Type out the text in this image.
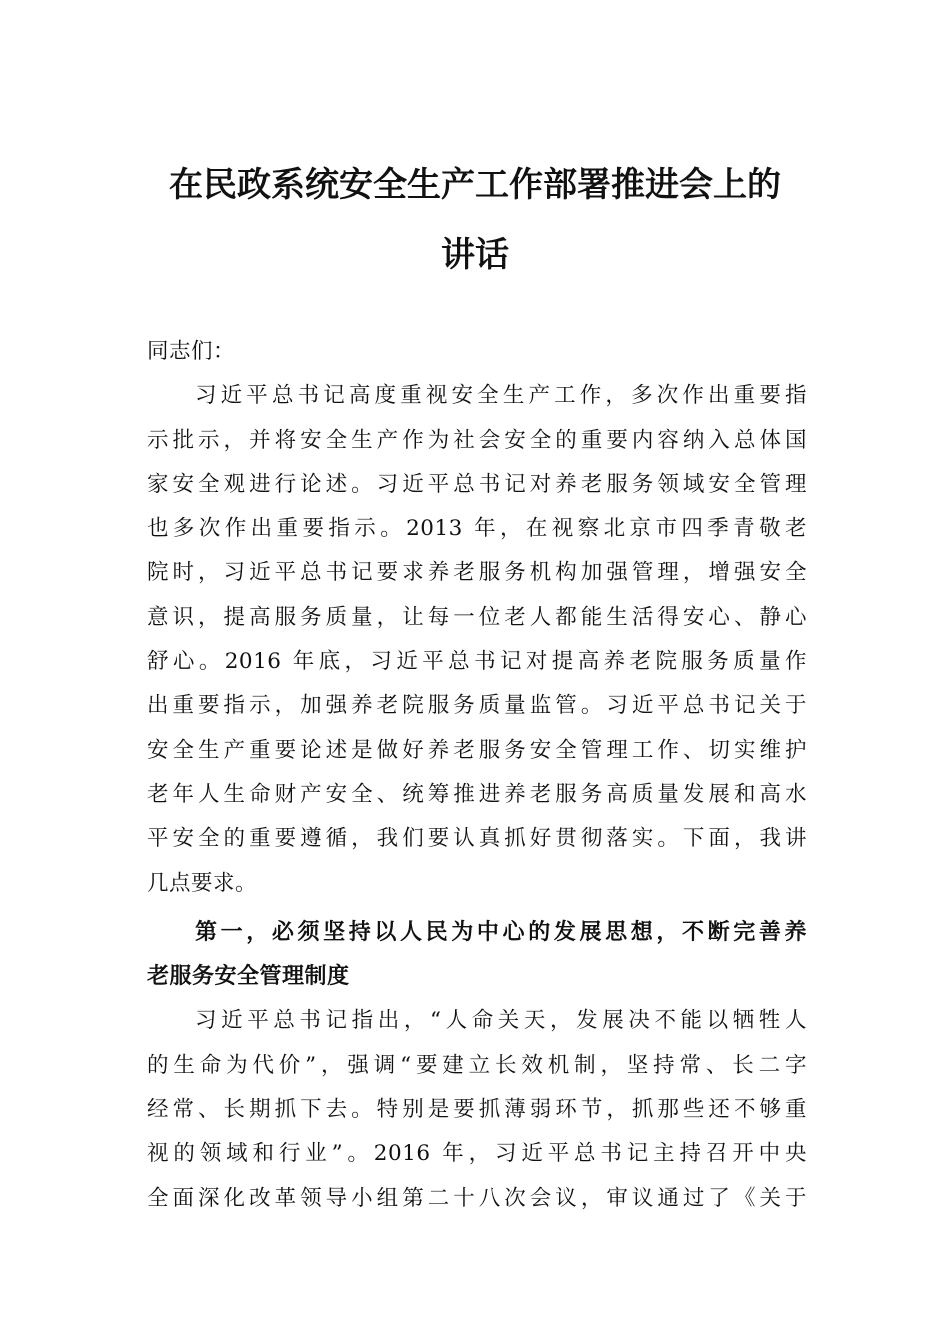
在民政系统安全生产工作部署推进会上的
讲话
同志们：
习近平总书记高度重视安全生产工作，多次作出重要指
示批示，并将安全生产作为社会安全的重要内容纳入总体国
家安全观进行论述。习近平总书记对养老服务领域安全管理
也多次作出重要指示。2013 年，在视察北京市四季青敬老
院时，习近平总书记要求养老服务机构加强管理，增强安全
意识，提高服务质量，让每一位老人都能生活得安心、静心
舒心。2016 年底，习近平总书记对提高养老院服务质量作
出重要指示，加强养老院服务质量监管。习近平总书记关于
安全生产重要论述是做好养老服务安全管理工作、切实维护
老年人生命财产安全、统筹推进养老服务高质量发展和高水
平安全的重要遵循，我们要认真抓好贯彻落实。下面，我讲
几点要求。
第一，必须坚持以人民为中心的发展思想，不断完善养
老服务安全管理制度
习近平总书记指出，“人命关天，发展决不能以牺牲人
的生命为代价”，强调“要建立长效机制，坚持常、长二字
经常、长期抓下去。特别是要抓薄弱环节，抓那些还不够重
视的领域和行业”。2016 年，习近平总书记主持召开中央
全面深化改革领导小组第二十八次会议，审议通过了《关于
